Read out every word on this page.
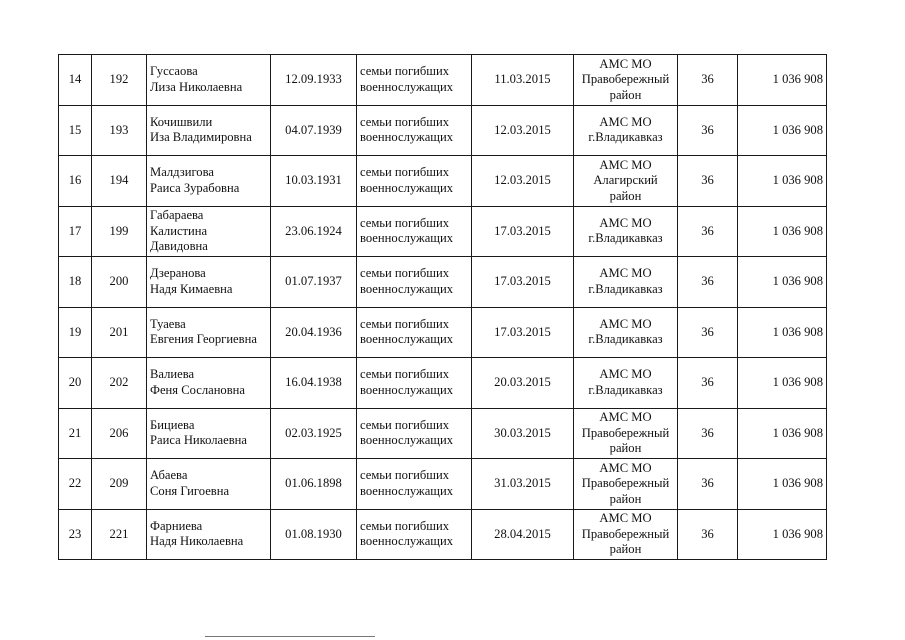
14	192	Гуссаова
Лиза Николаевна	12.09.1933	семьи погибших
военнослужащих	11.03.2015	АМС МО
Правобережный
район	36	1 036 908
15	193	Кочишвили
Иза Владимировна	04.07.1939	семьи погибших
военнослужащих	12.03.2015	АМС МО
г.Владикавказ	36	1 036 908
16	194	Малдзигова
Раиса Зурабовна	10.03.1931	семьи погибших
военнослужащих	12.03.2015	АМС МО
Алагирский
район	36	1 036 908
17	199	Габараева
Калистина
Давидовна	23.06.1924	семьи погибших
военнослужащих	17.03.2015	АМС МО
г.Владикавказ	36	1 036 908
18	200	Дзеранова
Надя Кимаевна	01.07.1937	семьи погибших
военнослужащих	17.03.2015	АМС МО
г.Владикавказ	36	1 036 908
19	201	Туаева
Евгения Георгиевна	20.04.1936	семьи погибших
военнослужащих	17.03.2015	АМС МО
г.Владикавказ	36	1 036 908
20	202	Валиева
Феня Сослановна	16.04.1938	семьи погибших
военнослужащих	20.03.2015	АМС МО
г.Владикавказ	36	1 036 908
21	206	Бициева
Раиса Николаевна	02.03.1925	семьи погибших
военнослужащих	30.03.2015	АМС МО
Правобережный
район	36	1 036 908
22	209	Абаева
Соня Гигоевна	01.06.1898	семьи погибших
военнослужащих	31.03.2015	АМС МО
Правобережный
район	36	1 036 908
23	221	Фарниева
Надя Николаевна	01.08.1930	семьи погибших
военнослужащих	28.04.2015	АМС МО
Правобережный
район	36	1 036 908
